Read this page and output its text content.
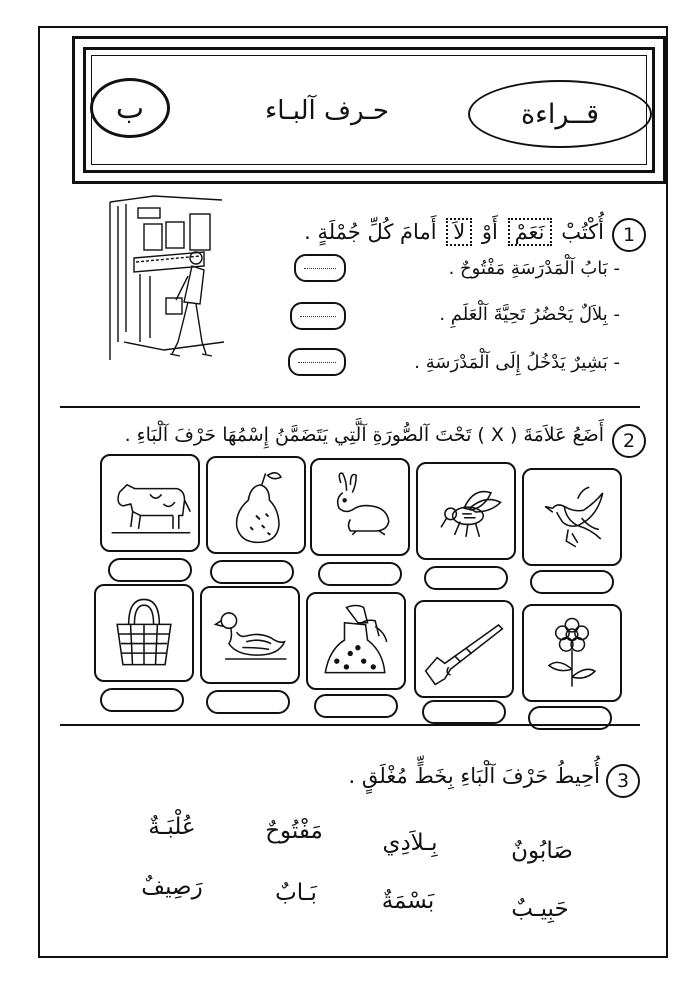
ب	حـرف آلبـاء	قــراءة
1
أُكْتُبْ نَعَمْ أَوْ لاَ أَمامَ كُلِّ جُمْلَةٍ .
- بَابُ آلْمَدْرَسَةِ مَفْتُوحٌ .
- بِلاَلٌ يَحْضُرُ تَحِيَّةَ آلْعَلَمِ .
- بَشِيرٌ يَدْخُلُ إِلَى آلْمَدْرَسَةِ .
2
أَضَعُ عَلاَمَةَ ( X ) تَحْتَ آلصُّورَةِ آلَّتِي يَتَضَمَّنُ إِسْمُهَا حَرْفَ آلْبَاءِ .
3
أُحِيطُ حَرْفَ آلْبَاءِ بِخَطٍّ مُغْلَقٍ .
صَابُونٌ
بِـلاَدِي
مَفْتُوحٌ
عُلْبَـةٌ
حَبِيـبٌ
بَسْمَةٌ
بَـابٌ
رَصِيفٌ
